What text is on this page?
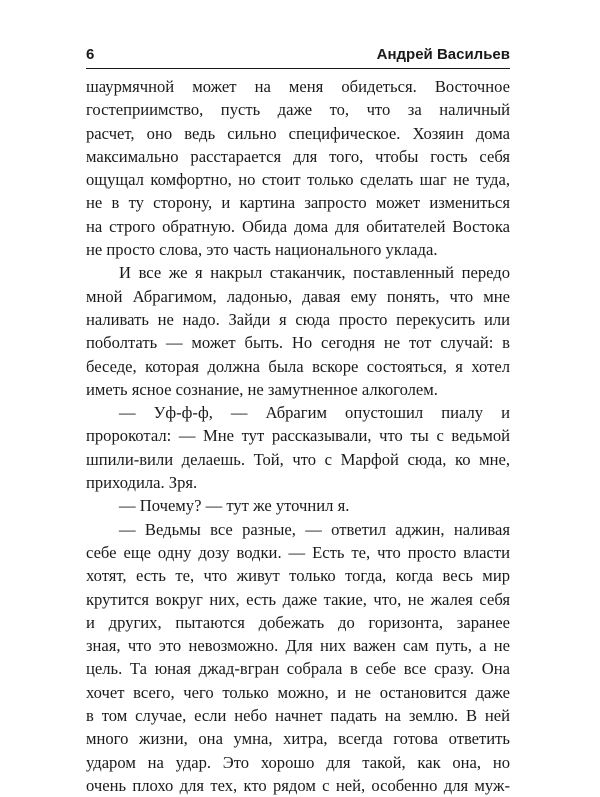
6	Андрей Васильев
шаурмячной может на меня обидеться. Восточное
гостеприимство, пусть даже то, что за наличный
расчет, оно ведь сильно специфическое. Хозяин дома
максимально расстарается для того, чтобы гость себя
ощущал комфортно, но стоит только сделать шаг не туда,
не в ту сторону, и картина запросто может измениться
на строго обратную. Обида дома для обитателей Востока
не просто слова, это часть национального уклада.
И все же я накрыл стаканчик, поставленный передо
мной Абрагимом, ладонью, давая ему понять, что мне
наливать не надо. Зайди я сюда просто перекусить или
поболтать — может быть. Но сегодня не тот случай: в
беседе, которая должна была вскоре состояться, я хотел
иметь ясное сознание, не замутненное алкоголем.
— Уф-ф-ф, — Абрагим опустошил пиалу и
пророкотал: — Мне тут рассказывали, что ты с ведьмой
шпили-вили делаешь. Той, что с Марфой сюда, ко мне,
приходила. Зря.
— Почему? — тут же уточнил я.
— Ведьмы все разные, — ответил аджин, наливая
себе еще одну дозу водки. — Есть те, что просто власти
хотят, есть те, что живут только тогда, когда весь мир
крутится вокруг них, есть даже такие, что, не жалея себя
и других, пытаются добежать до горизонта, заранее
зная, что это невозможно. Для них важен сам путь, а не
цель. Та юная джад-вгран собрала в себе все сразу. Она
хочет всего, чего только можно, и не остановится даже
в том случае, если небо начнет падать на землю. В ней
много жизни, она умна, хитра, всегда готова ответить
ударом на удар. Это хорошо для такой, как она, но
очень плохо для тех, кто рядом с ней, особенно для муж-
